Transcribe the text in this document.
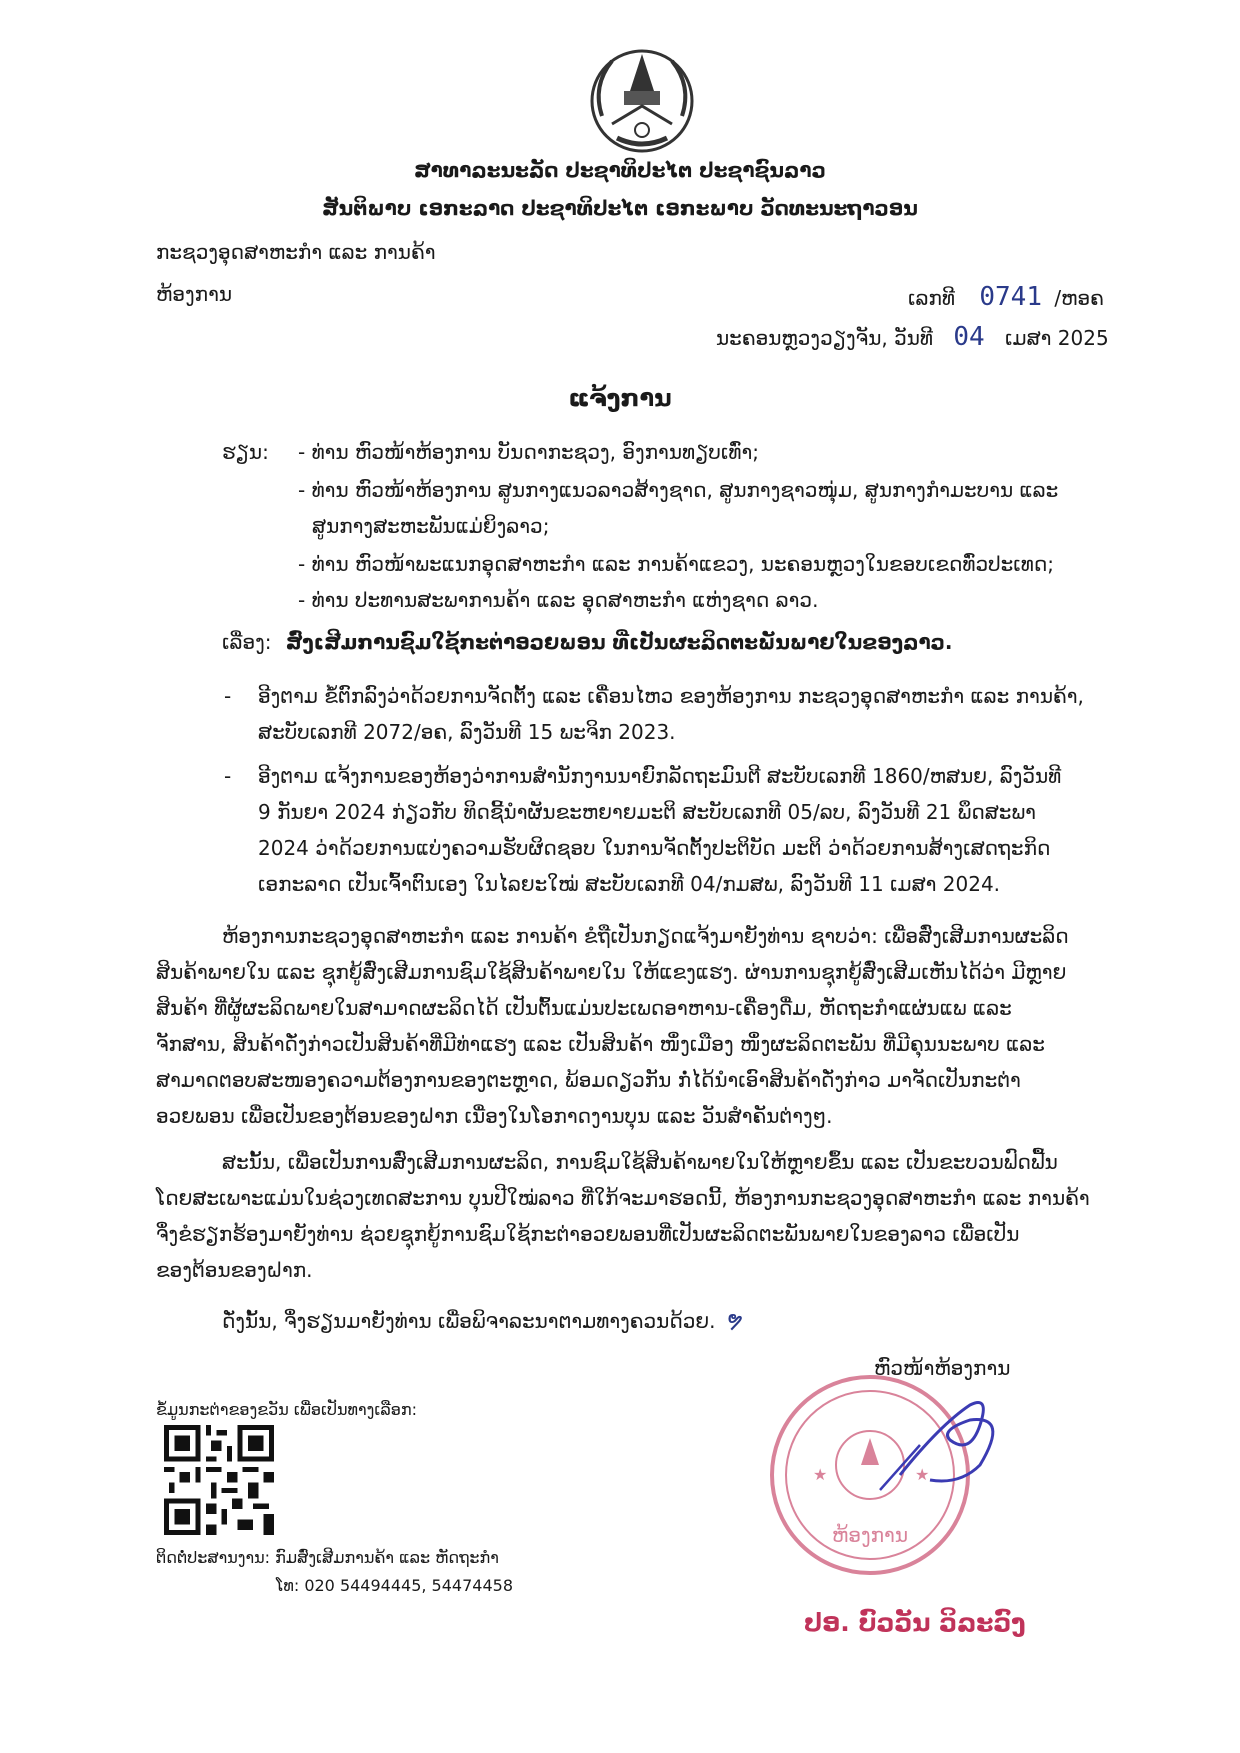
ສາທາລະນະລັດ ປະຊາທິປະໄຕ ປະຊາຊົນລາວ
ສັນຕິພາບ ເອກະລາດ ປະຊາທິປະໄຕ ເອກະພາບ ວັດທະນະຖາວອນ
ກະຊວງອຸດສາຫະກຳ ແລະ ການຄ້າ
ຫ້ອງການ	ເລກທີ 0741 /ຫອຄ
ນະຄອນຫຼວງວຽງຈັນ, ວັນທີ 04 ເມສາ 2025
ແຈ້ງການ
ຮຽນ: - ທ່ານ ຫົວໜ້າຫ້ອງການ ບັນດາກະຊວງ, ອົງການທຽບເທົ່າ;
- ທ່ານ ຫົວໜ້າຫ້ອງການ ສູນກາງແນວລາວສ້າງຊາດ, ສູນກາງຊາວໜຸ່ມ, ສູນກາງກຳມະບານ ແລະ
ສູນກາງສະຫະພັນແມ່ຍິງລາວ;
- ທ່ານ ຫົວໜ້າພະແນກອຸດສາຫະກຳ ແລະ ການຄ້າແຂວງ, ນະຄອນຫຼວງໃນຂອບເຂດທົ່ວປະເທດ;
- ທ່ານ ປະທານສະພາການຄ້າ ແລະ ອຸດສາຫະກຳ ແຫ່ງຊາດ ລາວ.
ເລື່ອງ: ສົ່ງເສີມການຊົມໃຊ້ກະຕ່າອວຍພອນ ທີ່ເປັນຜະລິດຕະພັນພາຍໃນຂອງລາວ.
- ອີງຕາມ ຂໍ້ຕົກລົງວ່າດ້ວຍການຈັດຕັ້ງ ແລະ ເຄື່ອນໄຫວ ຂອງຫ້ອງການ ກະຊວງອຸດສາຫະກຳ ແລະ ການຄ້າ,
ສະບັບເລກທີ 2072/ອຄ, ລົງວັນທີ 15 ພະຈິກ 2023.
- ອີງຕາມ ແຈ້ງການຂອງຫ້ອງວ່າການສຳນັກງານນາຍົກລັດຖະມົນຕີ ສະບັບເລກທີ 1860/ຫສນຍ, ລົງວັນທີ
9 ກັນຍາ 2024 ກ່ຽວກັບ ທິດຊີ້ນຳຜັນຂະຫຍາຍມະຕິ ສະບັບເລກທີ 05/ລບ, ລົງວັນທີ 21 ພຶດສະພາ
2024 ວ່າດ້ວຍການແບ່ງຄວາມຮັບຜິດຊອບ ໃນການຈັດຕັ້ງປະຕິບັດ ມະຕິ ວ່າດ້ວຍການສ້າງເສດຖະກິດ
ເອກະລາດ ເປັນເຈົ້າຕົນເອງ ໃນໄລຍະໃໝ່ ສະບັບເລກທີ 04/ກມສພ, ລົງວັນທີ 11 ເມສາ 2024.
ຫ້ອງການກະຊວງອຸດສາຫະກຳ ແລະ ການຄ້າ ຂໍຖືເປັນກຽດແຈ້ງມາຍັງທ່ານ ຊາບວ່າ: ເພື່ອສົ່ງເສີມການຜະລິດ
ສິນຄ້າພາຍໃນ ແລະ ຊຸກຍູ້ສົ່ງເສີມການຊົມໃຊ້ສິນຄ້າພາຍໃນ ໃຫ້ແຂງແຮງ. ຜ່ານການຊຸກຍູ້ສົ່ງເສີມເຫັນໄດ້ວ່າ ມີຫຼາຍ
ສິນຄ້າ ທີ່ຜູ້ຜະລິດພາຍໃນສາມາດຜະລິດໄດ້ ເປັນຕົ້ນແມ່ນປະເພດອາຫານ-ເຄື່ອງດື່ມ, ຫັດຖະກຳແຜ່ນແພ ແລະ
ຈັກສານ, ສິນຄ້າດັ່ງກ່າວເປັນສິນຄ້າທີ່ມີທ່າແຮງ ແລະ ເປັນສິນຄ້າ ໜຶ່ງເມືອງ ໜຶ່ງຜະລິດຕະພັນ ທີ່ມີຄຸນນະພາບ ແລະ
ສາມາດຕອບສະໜອງຄວາມຕ້ອງການຂອງຕະຫຼາດ, ພ້ອມດຽວກັນ ກໍ່ໄດ້ນຳເອົາສິນຄ້າດັ່ງກ່າວ ມາຈັດເປັນກະຕ່າ
ອວຍພອນ ເພື່ອເປັນຂອງຕ້ອນຂອງຝາກ ເນື່ອງໃນໂອກາດງານບຸນ ແລະ ວັນສຳຄັນຕ່າງໆ.
ສະນັ້ນ, ເພື່ອເປັນການສົ່ງເສີມການຜະລິດ, ການຊົມໃຊ້ສິນຄ້າພາຍໃນໃຫ້ຫຼາຍຂຶ້ນ ແລະ ເປັນຂະບວນຟົດຟື້ນ
ໂດຍສະເພາະແມ່ນໃນຊ່ວງເທດສະການ ບຸນປີໃໝ່ລາວ ທີ່ໃກ້ຈະມາຮອດນີ້, ຫ້ອງການກະຊວງອຸດສາຫະກຳ ແລະ ການຄ້າ
ຈຶ່ງຂໍຮຽກຮ້ອງມາຍັງທ່ານ ຊ່ວຍຊຸກຍູ້ການຊົມໃຊ້ກະຕ່າອວຍພອນທີ່ເປັນຜະລິດຕະພັນພາຍໃນຂອງລາວ ເພື່ອເປັນ
ຂອງຕ້ອນຂອງຝາກ.
ດັ່ງນັ້ນ, ຈຶ່ງຮຽນມາຍັງທ່ານ ເພື່ອພິຈາລະນາຕາມທາງຄວນດ້ວຍ. ຯ
ຫົວໜ້າຫ້ອງການ
★	★
ຫ້ອງການ
ປອ. ບົວວັນ ວິລະວົງ
ຂໍ້ມູນກະຕ່າຂອງຂວັນ ເພື່ອເປັນທາງເລືອກ:
ຕິດຕໍ່ປະສານງານ: ກົມສົ່ງເສີມການຄ້າ ແລະ ຫັດຖະກຳ
ໂທ: 020 54494445, 54474458
